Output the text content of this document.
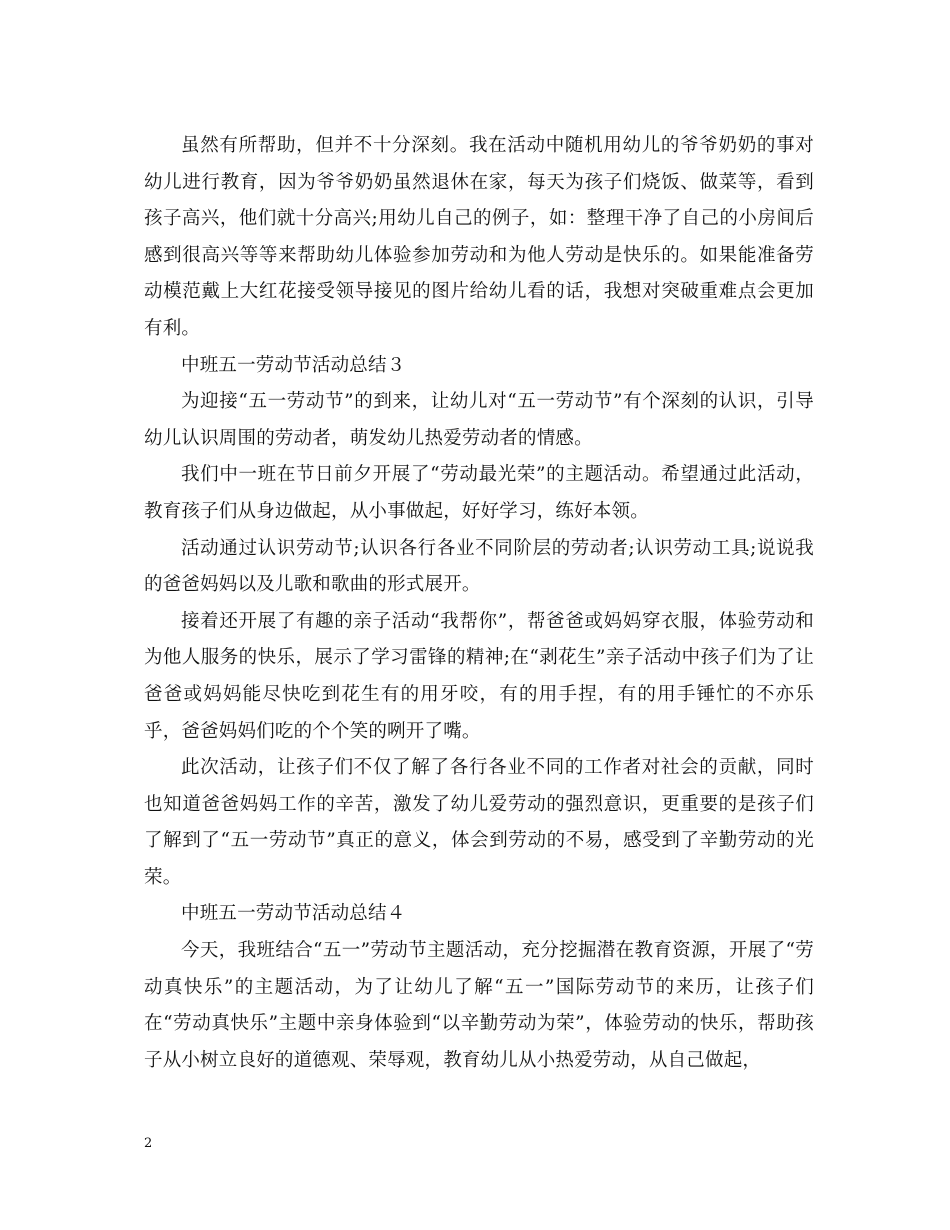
虽然有所帮助，但并不十分深刻。我在活动中随机用幼儿的爷爷奶奶的事对幼儿进行教育，因为爷爷奶奶虽然退休在家，每天为孩子们烧饭、做菜等，看到孩子高兴，他们就十分高兴;用幼儿自己的例子，如：整理干净了自己的小房间后感到很高兴等等来帮助幼儿体验参加劳动和为他人劳动是快乐的。如果能准备劳动模范戴上大红花接受领导接见的图片给幼儿看的话，我想对突破重难点会更加有利。

中班五一劳动节活动总结３

为迎接“五一劳动节”的到来，让幼儿对“五一劳动节”有个深刻的认识，引导幼儿认识周围的劳动者，萌发幼儿热爱劳动者的情感。

我们中一班在节日前夕开展了“劳动最光荣”的主题活动。希望通过此活动，教育孩子们从身边做起，从小事做起，好好学习，练好本领。

活动通过认识劳动节;认识各行各业不同阶层的劳动者;认识劳动工具;说说我的爸爸妈妈以及儿歌和歌曲的形式展开。

接着还开展了有趣的亲子活动“我帮你”，帮爸爸或妈妈穿衣服，体验劳动和为他人服务的快乐，展示了学习雷锋的精神;在“剥花生”亲子活动中孩子们为了让爸爸或妈妈能尽快吃到花生有的用牙咬，有的用手捏，有的用手锤忙的不亦乐乎，爸爸妈妈们吃的个个笑的咧开了嘴。

此次活动，让孩子们不仅了解了各行各业不同的工作者对社会的贡献，同时也知道爸爸妈妈工作的辛苦，激发了幼儿爱劳动的强烈意识，更重要的是孩子们了解到了“五一劳动节”真正的意义，体会到劳动的不易，感受到了辛勤劳动的光荣。

中班五一劳动节活动总结４

今天，我班结合“五一”劳动节主题活动，充分挖掘潜在教育资源，开展了“劳动真快乐”的主题活动，为了让幼儿了解“五一”国际劳动节的来历，让孩子们在“劳动真快乐”主题中亲身体验到“以辛勤劳动为荣”，体验劳动的快乐，帮助孩子从小树立良好的道德观、荣辱观，教育幼儿从小热爱劳动，从自己做起，

2
